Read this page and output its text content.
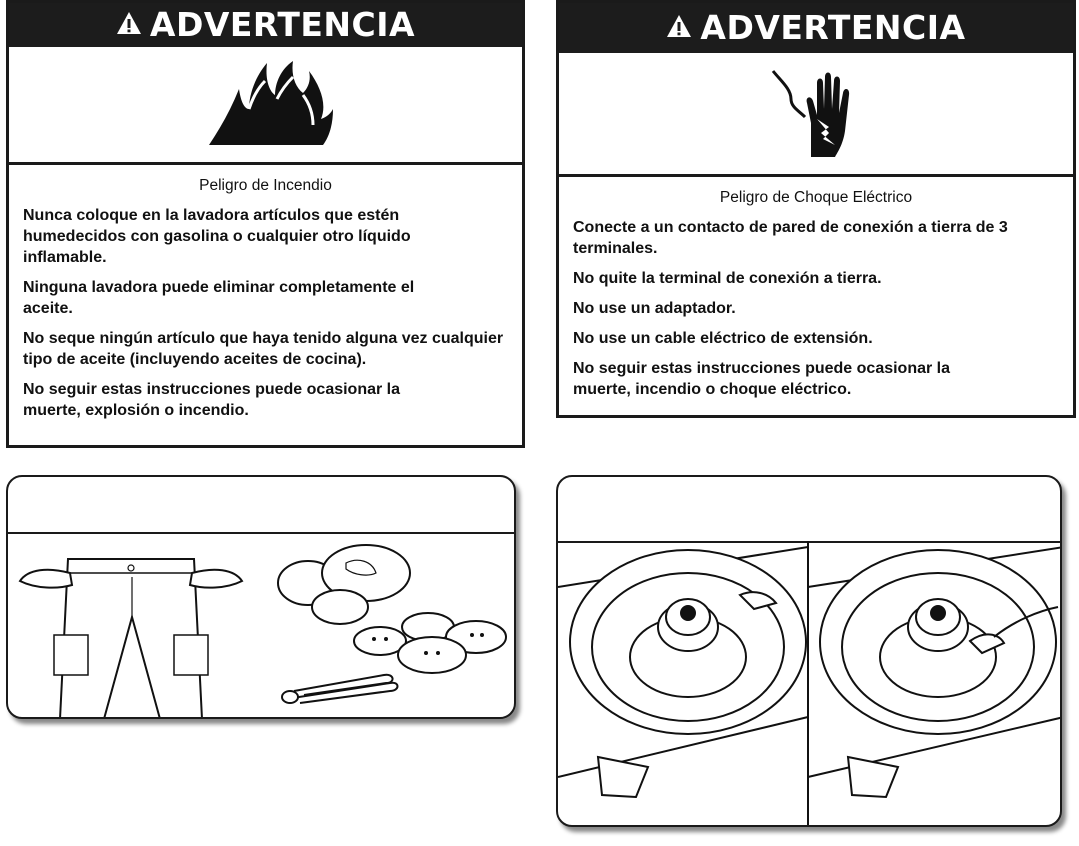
ADVERTENCIA
Peligro de Incendio

Nunca coloque en la lavadora artículos que estén humedecidos con gasolina o cualquier otro líquido inflamable.

Ninguna lavadora puede eliminar completamente el aceite.

No seque ningún artículo que haya tenido alguna vez cualquier tipo de aceite (incluyendo aceites de cocina).

No seguir estas instrucciones puede ocasionar la muerte, explosión o incendio.

ADVERTENCIA
Peligro de Choque Eléctrico

Conecte a un contacto de pared de conexión a tierra de 3 terminales.

No quite la terminal de conexión a tierra.

No use un adaptador.

No use un cable eléctrico de extensión.

No seguir estas instrucciones puede ocasionar la muerte, incendio o choque eléctrico.
